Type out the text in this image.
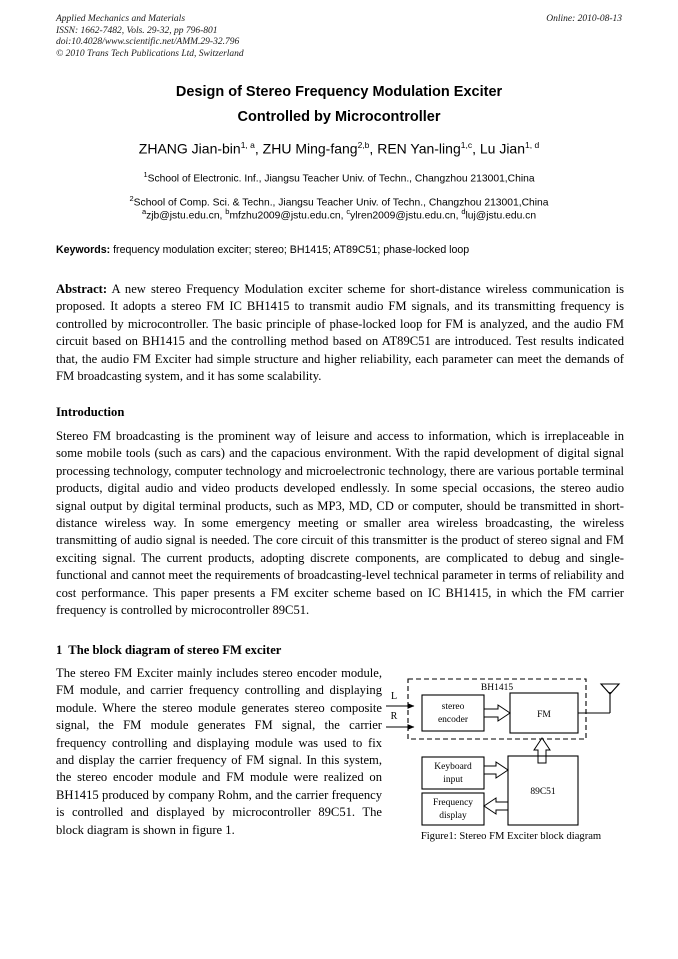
Applied Mechanics and Materials	Online: 2010-08-13
ISSN: 1662-7482, Vols. 29-32, pp 796-801
doi:10.4028/www.scientific.net/AMM.29-32.796
© 2010 Trans Tech Publications Ltd, Switzerland
Design of Stereo Frequency Modulation Exciter
Controlled by Microcontroller
ZHANG Jian-bin$^{1, a}$, ZHU Ming-fang$^{2,b}$, REN Yan-ling$^{1,c}$, Lu Jian$^{1, d}$
$^1$School of Electronic. Inf., Jiangsu Teacher Univ. of Techn., Changzhou 213001,China
$^2$School of Comp. Sci. & Techn., Jiangsu Teacher Univ. of Techn., Changzhou 213001,China
$^a$zjb@jstu.edu.cn, $^b$mfzhu2009@jstu.edu.cn, $^c$ylren2009@jstu.edu.cn, $^d$luj@jstu.edu.cn
Keywords: frequency modulation exciter; stereo; BH1415; AT89C51; phase-locked loop
Abstract: A new stereo Frequency Modulation exciter scheme for short-distance wireless communication is proposed. It adopts a stereo FM IC BH1415 to transmit audio FM signals, and its transmitting frequency is controlled by microcontroller. The basic principle of phase-locked loop for FM is analyzed, and the audio FM circuit based on BH1415 and the controlling method based on AT89C51 are introduced. Test results indicated that, the audio FM Exciter had simple structure and higher reliability, each parameter can meet the demands of FM broadcasting system, and it has some scalability.
Introduction
Stereo FM broadcasting is the prominent way of leisure and access to information, which is irreplaceable in some mobile tools (such as cars) and the capacious environment. With the rapid development of digital signal processing technology, computer technology and microelectronic technology, there are various portable terminal products, digital audio and video products developed endlessly. In some special occasions, the stereo audio signal output by digital terminal products, such as MP3, MD, CD or computer, should be transmitted in short-distance wireless way. In some emergency meeting or smaller area wireless broadcasting, the wireless transmitting of audio signal is needed. The core circuit of this transmitter is the product of stereo signal and FM exciting signal. The current products, adopting discrete components, are complicated to debug and single-functional and cannot meet the requirements of broadcasting-level technical parameter in terms of reliability and cost performance. This paper presents a FM exciter scheme based on IC BH1415, in which the FM carrier frequency is controlled by microcontroller 89C51.
1 The block diagram of stereo FM exciter
The stereo FM Exciter mainly includes stereo encoder module, FM module, and carrier frequency controlling and displaying module. Where the stereo module generates stereo composite signal, the FM module generates FM signal, the carrier frequency controlling and displaying module was used to fix and display the carrier frequency of FM signal. In this system, the stereo encoder module and FM module were realized on BH1415 produced by company Rohm, and the carrier frequency is controlled and displayed by microcontroller 89C51. The block diagram is shown in figure 1.
BH1415
L
R
stereo
encoder	FM
Keyboard
input
Frequency
display
89C51
Figure1: Stereo FM Exciter block diagram
